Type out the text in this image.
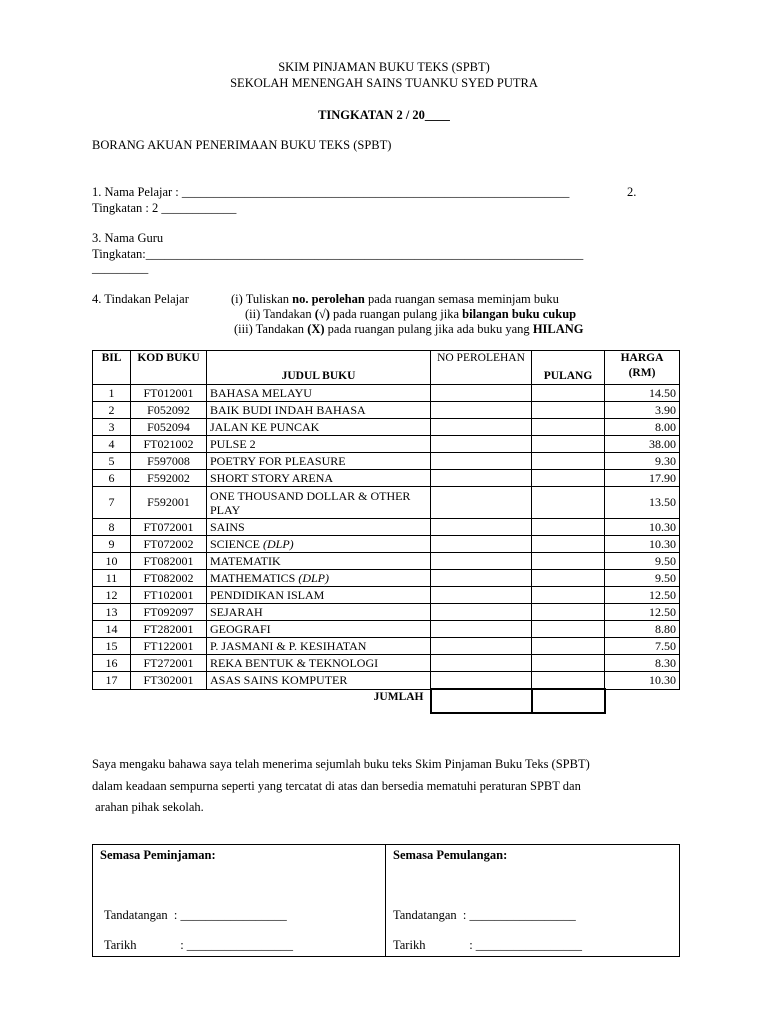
SKIM PINJAMAN BUKU TEKS (SPBT)
SEKOLAH MENENGAH SAINS TUANKU SYED PUTRA
TINGKATAN 2 / 20____
BORANG AKUAN PENERIMAAN BUKU TEKS (SPBT)
1. Nama Pelajar : ______________________________________________________________	2.
Tingkatan : 2 ____________
3. Nama Guru
Tingkatan:______________________________________________________________________
_________
4. Tindakan Pelajar	(i) Tuliskan no. perolehan pada ruangan semasa meminjam buku
(ii) Tandakan (√) pada ruangan pulang jika bilangan buku cukup
(iii) Tandakan (X) pada ruangan pulang jika ada buku yang HILANG
BIL	KOD BUKU	JUDUL BUKU	NO PEROLEHAN	PULANG	HARGA (RM)
1	FT012001	BAHASA MELAYU			14.50
2	F052092	BAIK BUDI INDAH BAHASA			3.90
3	F052094	JALAN KE PUNCAK			8.00
4	FT021002	PULSE 2			38.00
5	F597008	POETRY FOR PLEASURE			9.30
6	F592002	SHORT STORY ARENA			17.90
7	F592001	ONE THOUSAND DOLLAR & OTHER PLAY			13.50
8	FT072001	SAINS			10.30
9	FT072002	SCIENCE (DLP)			10.30
10	FT082001	MATEMATIK			9.50
11	FT082002	MATHEMATICS (DLP)			9.50
12	FT102001	PENDIDIKAN ISLAM			12.50
13	FT092097	SEJARAH			12.50
14	FT282001	GEOGRAFI			8.80
15	FT122001	P. JASMANI & P. KESIHATAN			7.50
16	FT272001	REKA BENTUK & TEKNOLOGI			8.30
17	FT302001	ASAS SAINS KOMPUTER			10.30
		JUMLAH			
Saya mengaku bahawa saya telah menerima sejumlah buku teks Skim Pinjaman Buku Teks (SPBT)
dalam keadaan sempurna seperti yang tercatat di atas dan bersedia mematuhi peraturan SPBT dan
arahan pihak sekolah.
Semasa Peminjaman:	Semasa Pemulangan:
Tandatangan  : _________________
Tarikh              : _________________
Tandatangan  : _________________
Tarikh              : _________________
